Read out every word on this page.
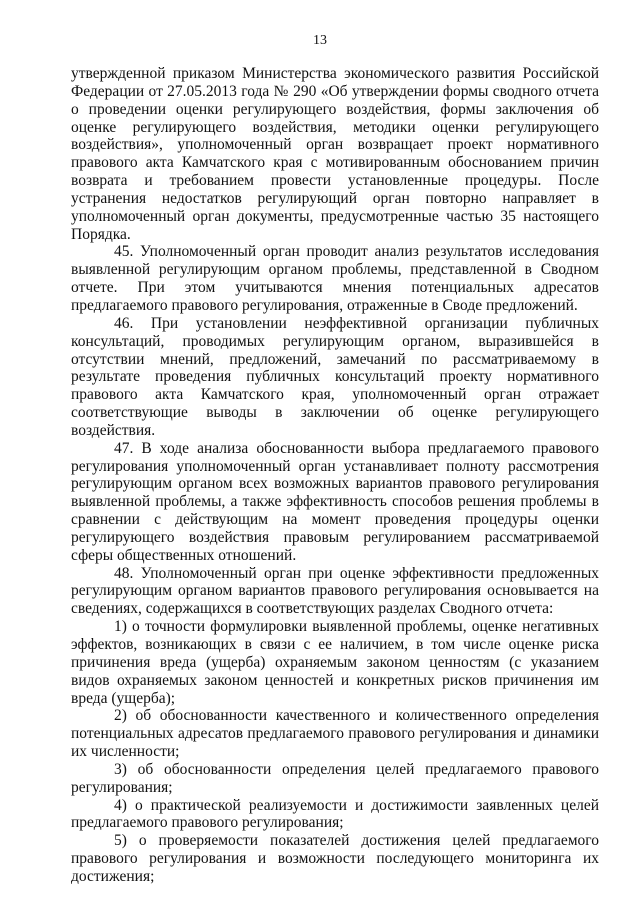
13

утвержденной приказом Министерства экономического развития Российской Федерации от 27.05.2013 года № 290 «Об утверждении формы сводного отчета о проведении оценки регулирующего воздействия, формы заключения об оценке регулирующего воздействия, методики оценки регулирующего воздействия», уполномоченный орган возвращает проект нормативного правового акта Камчатского края с мотивированным обоснованием причин возврата и требованием провести установленные процедуры. После устранения недостатков регулирующий орган повторно направляет в уполномоченный орган документы, предусмотренные частью 35 настоящего Порядка.

45. Уполномоченный орган проводит анализ результатов исследования выявленной регулирующим органом проблемы, представленной в Сводном отчете. При этом учитываются мнения потенциальных адресатов предлагаемого правового регулирования, отраженные в Своде предложений.

46. При установлении неэффективной организации публичных консультаций, проводимых регулирующим органом, выразившейся в отсутствии мнений, предложений, замечаний по рассматриваемому в результате проведения публичных консультаций проекту нормативного правового акта Камчатского края, уполномоченный орган отражает соответствующие выводы в заключении об оценке регулирующего воздействия.

47. В ходе анализа обоснованности выбора предлагаемого правового регулирования уполномоченный орган устанавливает полноту рассмотрения регулирующим органом всех возможных вариантов правового регулирования выявленной проблемы, а также эффективность способов решения проблемы в сравнении с действующим на момент проведения процедуры оценки регулирующего воздействия правовым регулированием рассматриваемой сферы общественных отношений.

48. Уполномоченный орган при оценке эффективности предложенных регулирующим органом вариантов правового регулирования основывается на сведениях, содержащихся в соответствующих разделах Сводного отчета:

1) о точности формулировки выявленной проблемы, оценке негативных эффектов, возникающих в связи с ее наличием, в том числе оценке риска причинения вреда (ущерба) охраняемым законом ценностям (с указанием видов охраняемых законом ценностей и конкретных рисков причинения им вреда (ущерба);

2) об обоснованности качественного и количественного определения потенциальных адресатов предлагаемого правового регулирования и динамики их численности;

3) об обоснованности определения целей предлагаемого правового регулирования;

4) о практической реализуемости и достижимости заявленных целей предлагаемого правового регулирования;

5) о проверяемости показателей достижения целей предлагаемого правового регулирования и возможности последующего мониторинга их достижения;
